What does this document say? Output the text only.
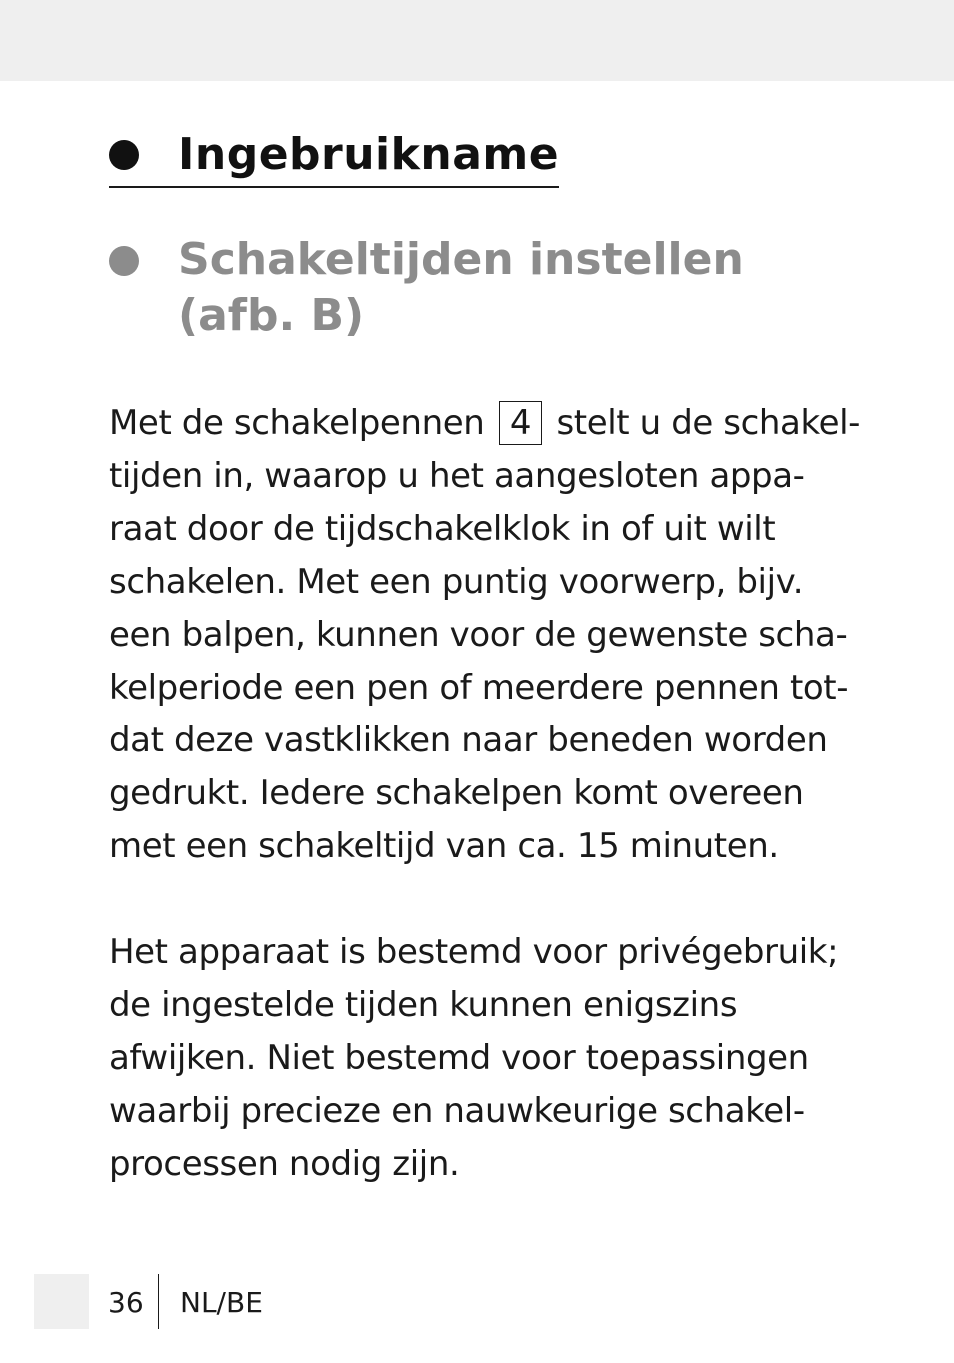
Ingebruikname
Schakeltijden instellen (afb. B)
Met de schakelpennen 4 stelt u de schakel-
tijden in, waarop u het aangesloten appa-
raat door de tijdschakelklok in of uit wilt
schakelen. Met een puntig voorwerp, bijv.
een balpen, kunnen voor de gewenste scha-
kelperiode een pen of meerdere pennen tot-
dat deze vastklikken naar beneden worden
gedrukt. Iedere schakelpen komt overeen
met een schakeltijd van ca. 15 minuten.
Het apparaat is bestemd voor privégebruik;
de ingestelde tijden kunnen enigszins
afwijken. Niet bestemd voor toepassingen
waarbij precieze en nauwkeurige schakel-
processen nodig zijn.
36 NL/BE
